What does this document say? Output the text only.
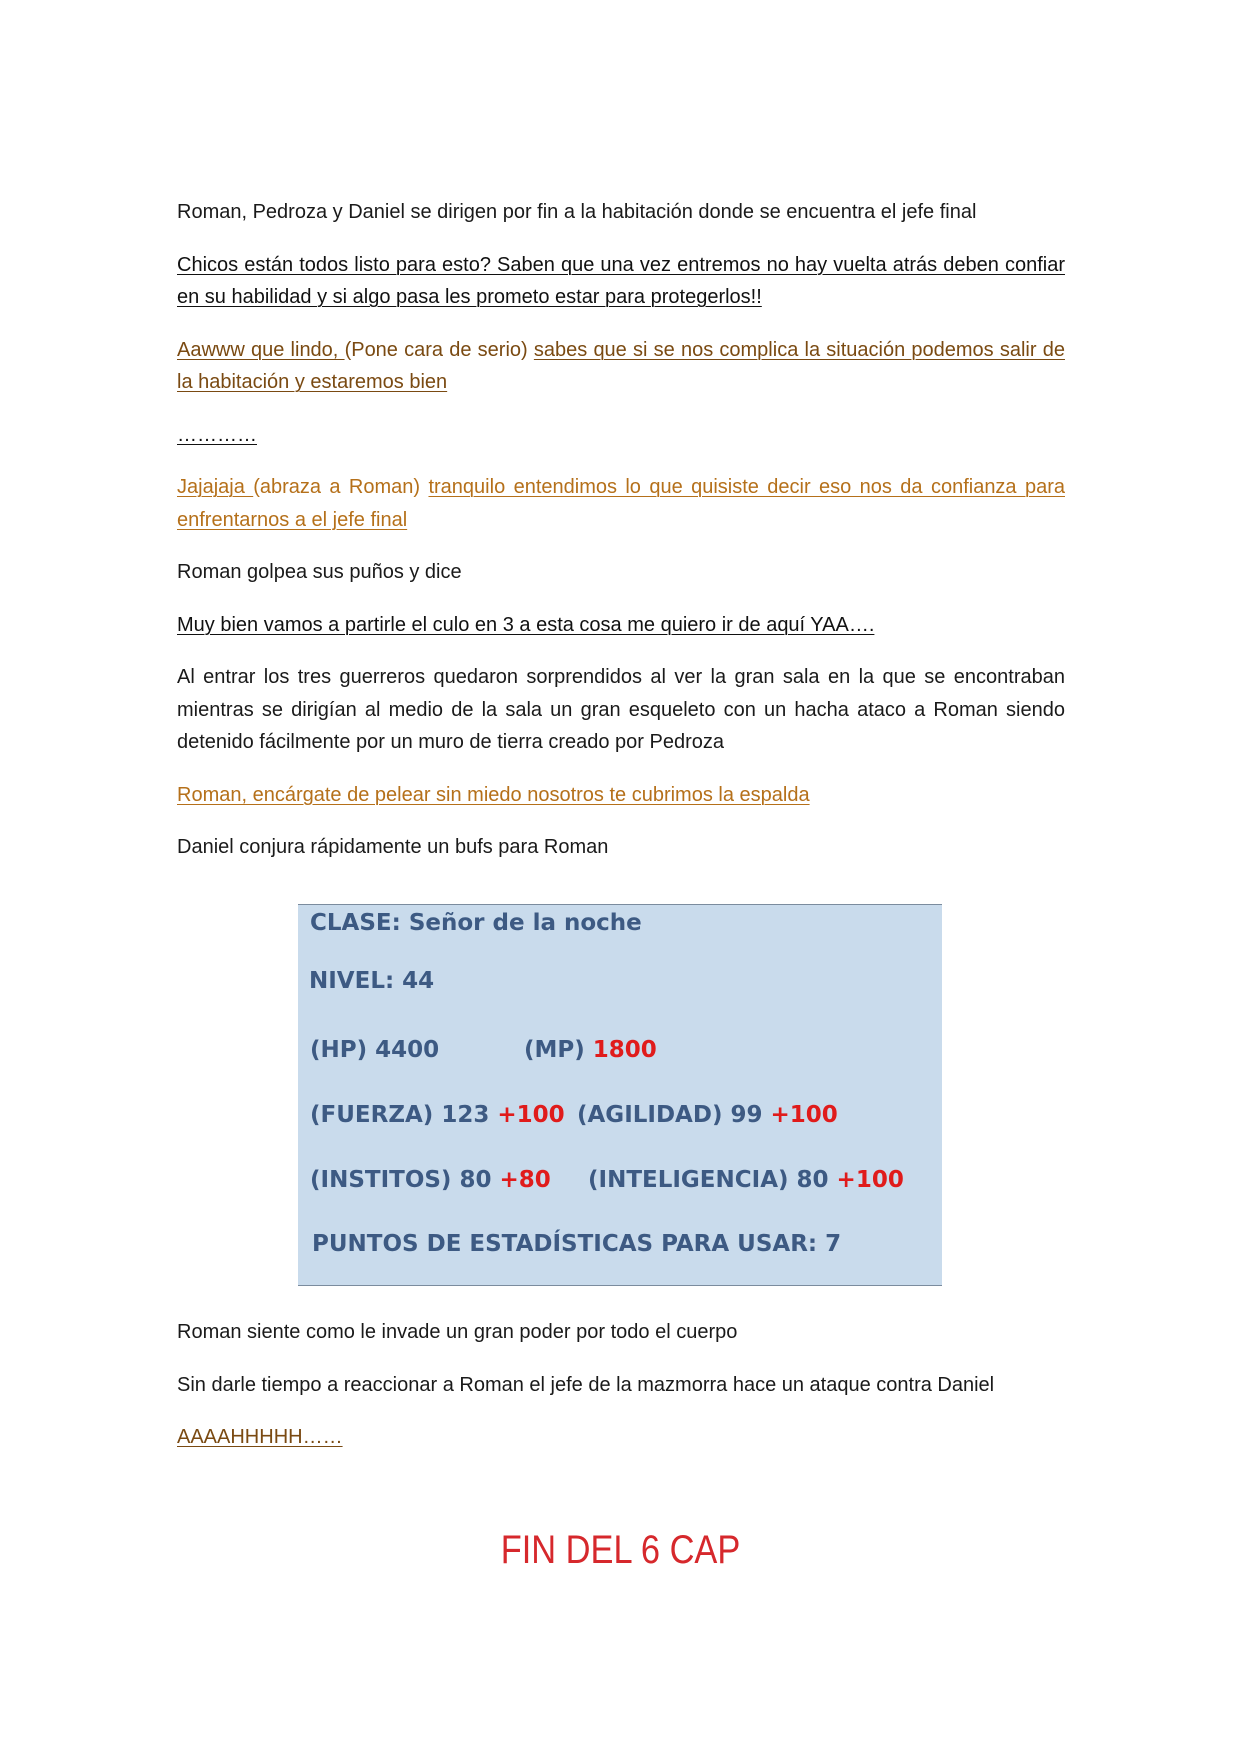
Roman, Pedroza y Daniel se dirigen por fin a la habitación donde se encuentra el jefe final

Chicos están todos listo para esto? Saben que una vez entremos no hay vuelta atrás deben confiar en su habilidad y si algo pasa les prometo estar para protegerlos!!

Aawww que lindo, (Pone cara de serio) sabes que si se nos complica la situación podemos salir de la habitación y estaremos bien

…………

Jajajaja (abraza a Roman) tranquilo entendimos lo que quisiste decir eso nos da confianza para enfrentarnos a el jefe final

Roman golpea sus puños y dice

Muy bien vamos a partirle el culo en 3 a esta cosa me quiero ir de aquí YAA….

Al entrar los tres guerreros quedaron sorprendidos al ver la gran sala en la que se encontraban mientras se dirigían al medio de la sala un gran esqueleto con un hacha ataco a Roman siendo detenido fácilmente por un muro de tierra creado por Pedroza

Roman, encárgate de pelear sin miedo nosotros te cubrimos la espalda

Daniel conjura rápidamente un bufs para Roman

CLASE: Señor de la noche
NIVEL: 44
(HP) 4400	(MP) 1800
(FUERZA) 123 +100 (AGILIDAD) 99 +100
(INSTITOS) 80 +80 (INTELIGENCIA) 80 +100
PUNTOS DE ESTADÍSTICAS PARA USAR: 7

Roman siente como le invade un gran poder por todo el cuerpo

Sin darle tiempo a reaccionar a Roman el jefe de la mazmorra hace un ataque contra Daniel

AAAAHHHHH……

FIN DEL 6 CAP
